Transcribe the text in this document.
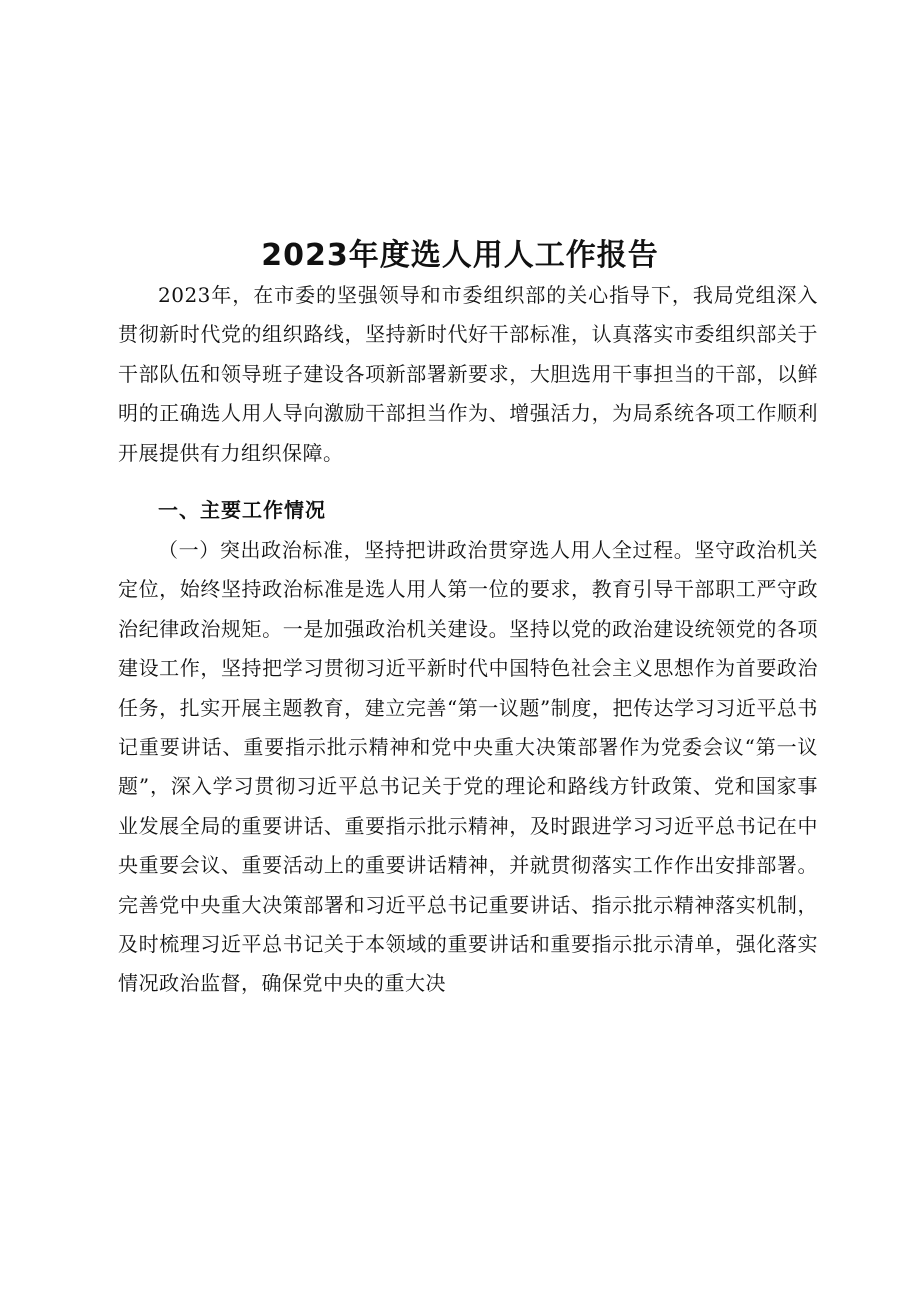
2023年度选人用人工作报告

2023年，在市委的坚强领导和市委组织部的关心指导下，我局党组深入贯彻新时代党的组织路线，坚持新时代好干部标准，认真落实市委组织部关于干部队伍和领导班子建设各项新部署新要求，大胆选用干事担当的干部，以鲜明的正确选人用人导向激励干部担当作为、增强活力，为局系统各项工作顺利开展提供有力组织保障。

一、主要工作情况

（一）突出政治标准，坚持把讲政治贯穿选人用人全过程。坚守政治机关定位，始终坚持政治标准是选人用人第一位的要求，教育引导干部职工严守政治纪律政治规矩。一是加强政治机关建设。坚持以党的政治建设统领党的各项建设工作，坚持把学习贯彻习近平新时代中国特色社会主义思想作为首要政治任务，扎实开展主题教育，建立完善“第一议题”制度，把传达学习习近平总书记重要讲话、重要指示批示精神和党中央重大决策部署作为党委会议“第一议题”，深入学习贯彻习近平总书记关于党的理论和路线方针政策、党和国家事业发展全局的重要讲话、重要指示批示精神，及时跟进学习习近平总书记在中央重要会议、重要活动上的重要讲话精神，并就贯彻落实工作作出安排部署。完善党中央重大决策部署和习近平总书记重要讲话、指示批示精神落实机制，及时梳理习近平总书记关于本领域的重要讲话和重要指示批示清单，强化落实情况政治监督，确保党中央的重大决
